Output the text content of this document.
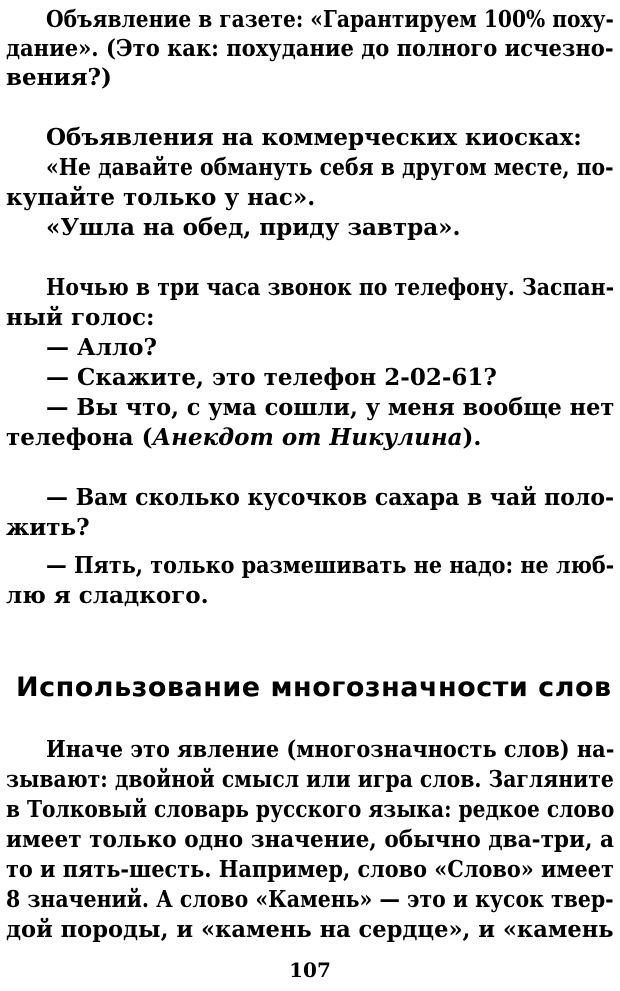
Объявление в газете: «Гарантируем 100% поху-
дание». (Это как: похудание до полного исчезно-
вения?)
Объявления на коммерческих киосках:
«Не давайте обмануть себя в другом месте, по-
купайте только у нас».
«Ушла на обед, приду завтра».
Ночью в три часа звонок по телефону. Заспан-
ный голос:
— Алло?
— Скажите, это телефон 2-02-61?
— Вы что, с ума сошли, у меня вообще нет
телефона (Анекдот от Никулина).
— Вам сколько кусочков сахара в чай поло-
жить?
— Пять, только размешивать не надо: не люб-
лю я сладкого.
Использование многозначности слов
Иначе это явление (многозначность слов) на-
зывают: двойной смысл или игра слов. Загляните
в Толковый словарь русского языка: редкое слово
имеет только одно значение, обычно два-три, а
то и пять-шесть. Например, слово «Слово» имеет
8 значений. А слово «Камень» — это и кусок твер-
дой породы, и «камень на сердце», и «камень
107
